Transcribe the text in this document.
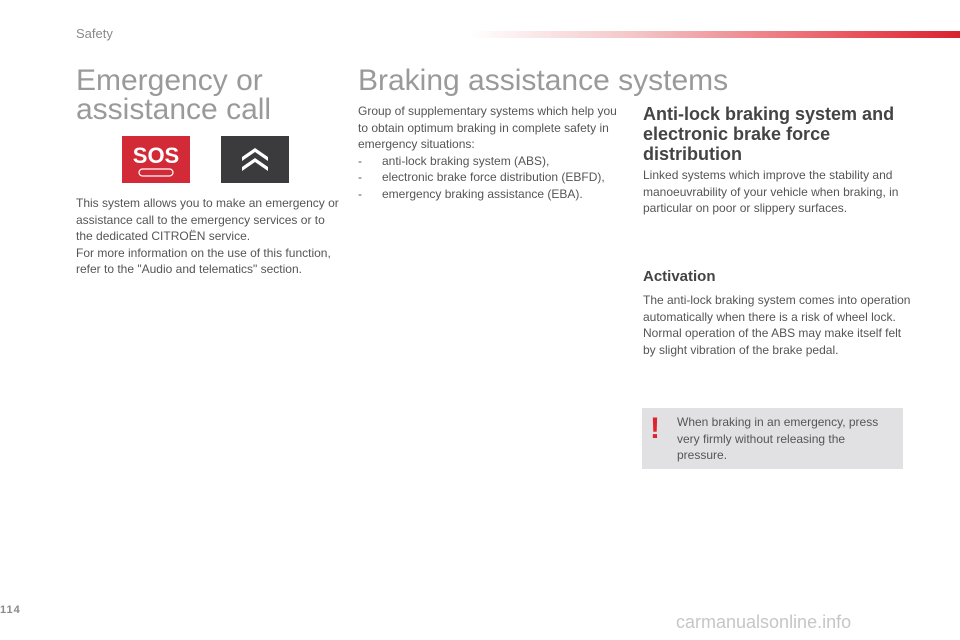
Safety
Emergency or
assistance call
SOS

This system allows you to make an emergency or assistance call to the emergency services or to the dedicated CITROËN service.

For more information on the use of this function, refer to the "Audio and telematics" section.

Braking assistance systems

Group of supplementary systems which help you to obtain optimum braking in complete safety in emergency situations:

- anti-lock braking system (ABS),
- electronic brake force distribution (EBFD),
- emergency braking assistance (EBA).
Anti-lock braking system and electronic brake force distribution
Linked systems which improve the stability and manoeuvrability of your vehicle when braking, in particular on poor or slippery surfaces.
Activation

The anti-lock braking system comes into operation automatically when there is a risk of wheel lock.

Normal operation of the ABS may make itself felt by slight vibration of the brake pedal.

! When braking in an emergency, press very firmly without releasing the pressure.
114
carmanualsonline.info
